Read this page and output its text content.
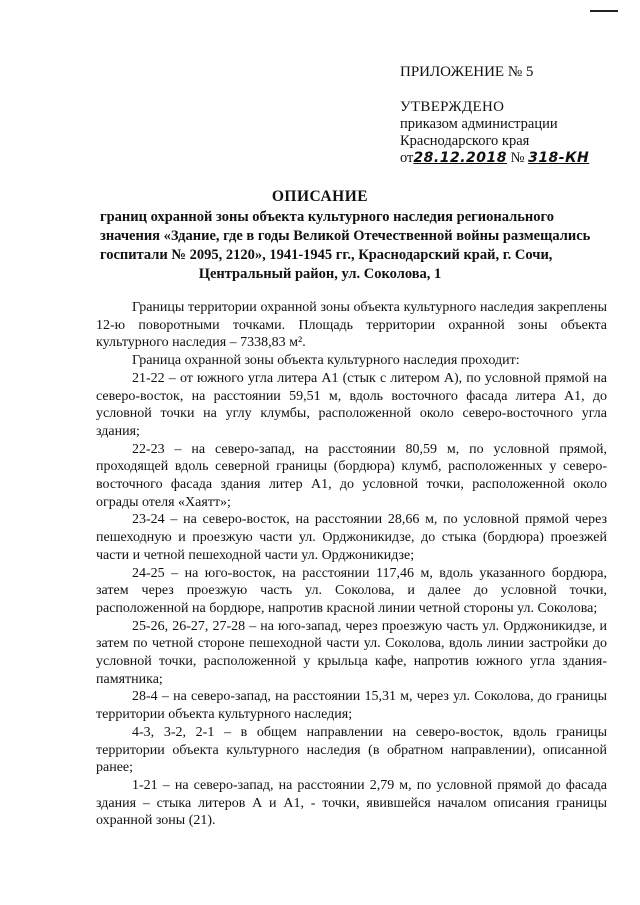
ПРИЛОЖЕНИЕ № 5
УТВЕРЖДЕНО
приказом администрации
Краснодарского края
от28.12.2018 № 318-КН
ОПИСАНИЕ
границ охранной зоны объекта культурного наследия регионального
значения «Здание, где в годы Великой Отечественной войны размещались
госпитали № 2095, 2120», 1941-1945 гг., Краснодарский край, г. Сочи,
Центральный район, ул. Соколова, 1

Границы территории охранной зоны объекта культурного наследия закреплены 12-ю поворотными точками. Площадь территории охранной зоны объекта культурного наследия – 7338,83 м².

Граница охранной зоны объекта культурного наследия проходит:

21-22 – от южного угла литера А1 (стык с литером А), по условной прямой на северо-восток, на расстоянии 59,51 м, вдоль восточного фасада литера А1, до условной точки на углу клумбы, расположенной около северо-восточного угла здания;

22-23 – на северо-запад, на расстоянии 80,59 м, по условной прямой, проходящей вдоль северной границы (бордюра) клумб, расположенных у северо-восточного фасада здания литер А1, до условной точки, расположенной около ограды отеля «Хаятт»;

23-24 – на северо-восток, на расстоянии 28,66 м, по условной прямой через пешеходную и проезжую части ул. Орджоникидзе, до стыка (бордюра) проезжей части и четной пешеходной части ул. Орджоникидзе;

24-25 – на юго-восток, на расстоянии 117,46 м, вдоль указанного бордюра, затем через проезжую часть ул. Соколова, и далее до условной точки, расположенной на бордюре, напротив красной линии четной стороны ул. Соколова;

25-26, 26-27, 27-28 – на юго-запад, через проезжую часть ул. Орджоникидзе, и затем по четной стороне пешеходной части ул. Соколова, вдоль линии застройки до условной точки, расположенной у крыльца кафе, напротив южного угла здания-памятника;

28-4 – на северо-запад, на расстоянии 15,31 м, через ул. Соколова, до границы территории объекта культурного наследия;

4-3, 3-2, 2-1 – в общем направлении на северо-восток, вдоль границы территории объекта культурного наследия (в обратном направлении), описанной ранее;

1-21 – на северо-запад, на расстоянии 2,79 м, по условной прямой до фасада здания – стыка литеров А и А1, - точки, явившейся началом описания границы охранной зоны (21).
